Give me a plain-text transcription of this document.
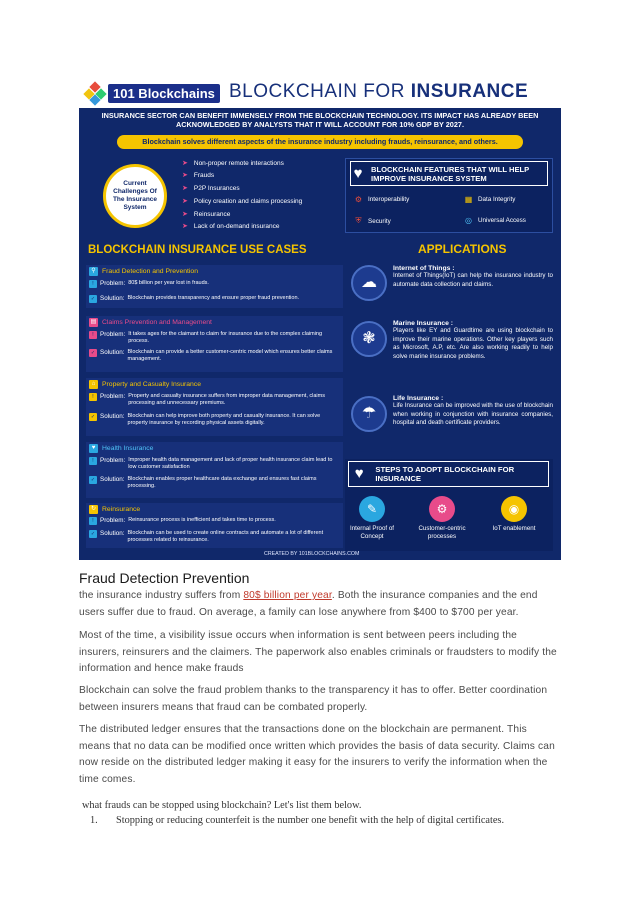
101 Blockchains BLOCKCHAIN FOR INSURANCE
INSURANCE SECTOR CAN BENEFIT IMMENSELY FROM THE BLOCKCHAIN TECHNOLOGY. ITS IMPACT HAS ALREADY BEEN ACKNOWLEDGED BY ANALYSTS THAT IT WILL ACCOUNT FOR 10% GDP BY 2027.
Blockchain solves different aspects of the insurance industry including frauds, reinsurance, and others.
Current Challenges Of The Insurance System
➤ Non-proper remote interactions
➤ Frauds
➤ P2P Insurances
➤ Policy creation and claims processing
➤ Reinsurance
➤ Lack of on-demand insurance
♥	BLOCKCHAIN FEATURES THAT WILL HELP IMPROVE INSURANCE SYSTEM
⚙ Interoperability	▦ Data Integrity
⛨ Security	◎ Universal Access
BLOCKCHAIN INSURANCE USE CASES	APPLICATIONS
⚲ Fraud Detection and Prevention
!	Problem: 80$ billion per year lost in frauds.
✓ Solution: Blockchain provides transparency and ensure proper fraud prevention.
▤ Claims Prevention and Management
!	Problem: It takes ages for the claimant to claim for insurance due to the complex claiming process.
✓ Solution: Blockchain can provide a better customer-centric model which ensures better claims management.
⌂ Property and Casualty Insurance
!	Problem: Property and casualty insurance suffers from improper data management, claims processing and unnecessary premiums.
✓ Solution: Blockchain can help improve both property and casualty insurance. It can solve property insurance by recording physical assets digitally.
♥ Health Insurance
!	Problem: Improper health data management and lack of proper health insurance claim lead to low customer satisfaction
✓ Solution: Blockchain enables proper healthcare data exchange and ensures fast claims processing.
↻ Reinsurance
!	Problem: Reinsurance process is inefficient and takes time to process.
✓ Solution: Blockchain can be used to create online contracts and automate a lot of different processes related to reinsurance.
☁
Internet of Things :
Internet of Things(IoT) can help the insurance industry to automate data collection and claims.
❃
Marine Insurance :
Players like EY and Guardtime are using blockchain to improve their marine operations. Other key players such as Microsoft, A.P, etc. Are also working readily to help solve marine insurance problems.
☂
Life Insurance :
Life Insurance can be improved with the use of blockchain when working in conjunction with insurance companies, hospital and death certificate providers.
♥	STEPS TO ADOPT BLOCKCHAIN FOR INSURANCE
✎	⚙	◉
Internal Proof of Concept
Customer-centric processes
IoT enablement
CREATED BY 101BLOCKCHAINS.COM
Fraud Detection Prevention
the insurance industry suffers from 80$ billion per year. Both the insurance companies and the end
users suffer due to fraud. On average, a family can lose anywhere from $400 to $700 per year.
Most of the time, a visibility issue occurs when information is sent between peers including the
insurers, reinsurers and the claimers. The paperwork also enables criminals or fraudsters to modify the
information and hence make frauds
Blockchain can solve the fraud problem thanks to the transparency it has to offer. Better coordination
between insurers means that fraud can be combated properly.
The distributed ledger ensures that the transactions done on the blockchain are permanent. This
means that no data can be modified once written which provides the basis of data security. Claims can
now reside on the distributed ledger making it easy for the insurers to verify the information when the
time comes.
what frauds can be stopped using blockchain? Let's list them below.
1. Stopping or reducing counterfeit is the number one benefit with the help of digital certificates.
